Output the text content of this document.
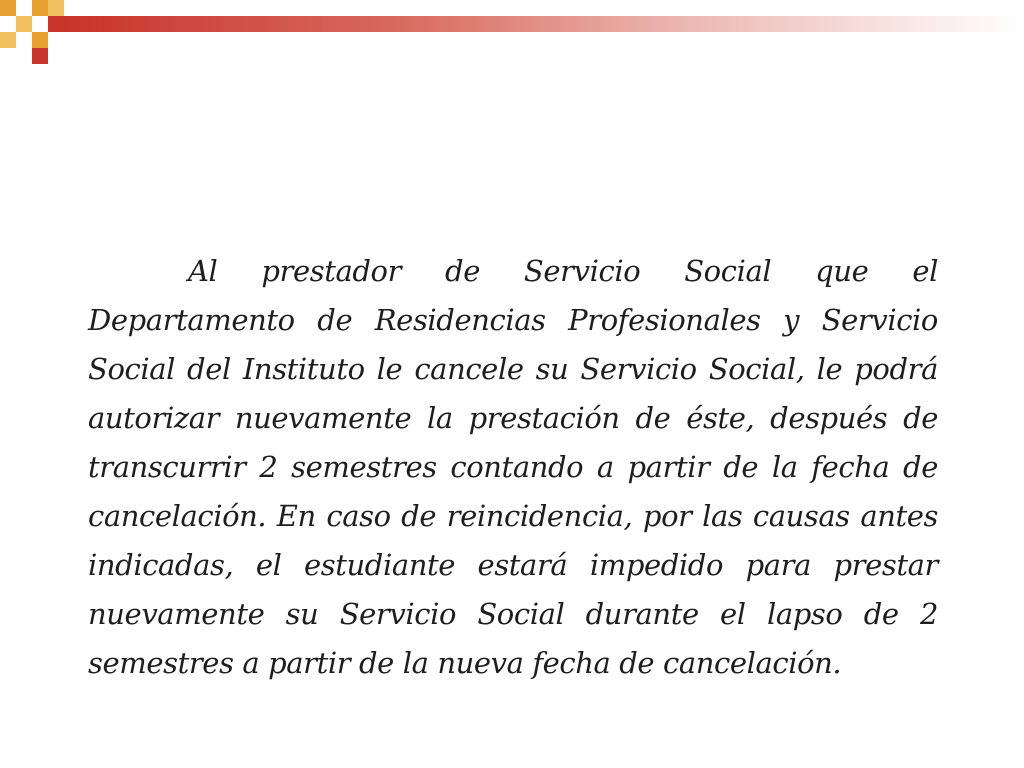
Al prestador de Servicio Social que el Departamento de Residencias Profesionales y Servicio Social del Instituto le cancele su Servicio Social, le podrá autorizar nuevamente la prestación de éste, después de transcurrir 2 semestres contando a partir de la fecha de cancelación. En caso de reincidencia, por las causas antes indicadas, el estudiante estará impedido para prestar nuevamente su Servicio Social durante el lapso de 2 semestres a partir de la nueva fecha de cancelación.
